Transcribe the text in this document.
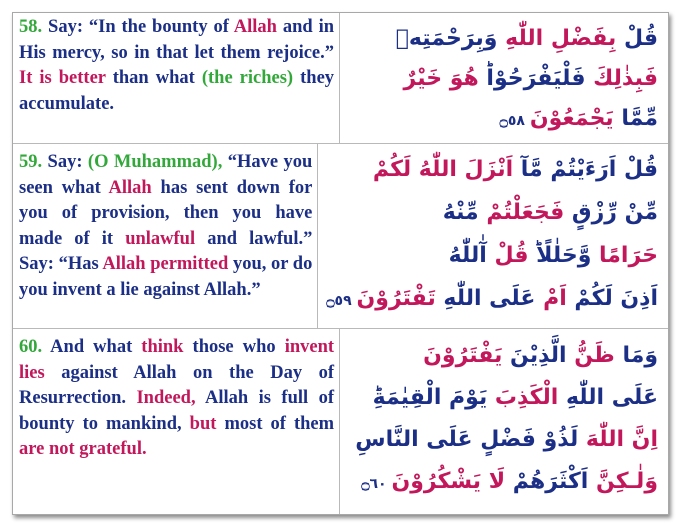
58. Say: “In the bounty of Allah and in His mercy, so in that let them rejoice.” It is better than what (the riches) they accumulate.
قُلْ بِفَضْلِ اللّٰهِ وَبِرَحْمَتِهٖ
فَبِذٰلِكَ فَلْيَفْرَحُوْاؕ هُوَ خَيْرٌ
مِّمَّا يَجْمَعُوْنَ ۝٥٨
59. Say: (O Muhammad), “Have you seen what Allah has sent down for you of provision, then you have made of it unlawful and lawful.” Say: “Has Allah permitted you, or do you invent a lie against Allah.”
قُلْ اَرَءَيْتُمْ مَّآ اَنْزَلَ اللّٰهُ لَكُمْ
مِّنْ رِّزْقٍ فَجَعَلْتُمْ مِّنْهُ
حَرَامًا وَّحَلٰلًاؕ قُلْ آٰللّٰهُ
اَذِنَ لَكُمْ اَمْ عَلَى اللّٰهِ تَفْتَرُوْنَ ۝٥٩
60. And what think those who invent lies against Allah on the Day of Resurrection. Indeed, Allah is full of bounty to mankind, but most of them are not grateful.
وَمَا ظَنُّ الَّذِيْنَ يَفْتَرُوْنَ
عَلَى اللّٰهِ الْكَذِبَ يَوْمَ الْقِيٰمَةِؕ
اِنَّ اللّٰهَ لَذُوْ فَضْلٍ عَلَى النَّاسِ
وَلٰـكِنَّ اَكْثَرَهُمْ لَا يَشْكُرُوْنَ ۝٦٠
